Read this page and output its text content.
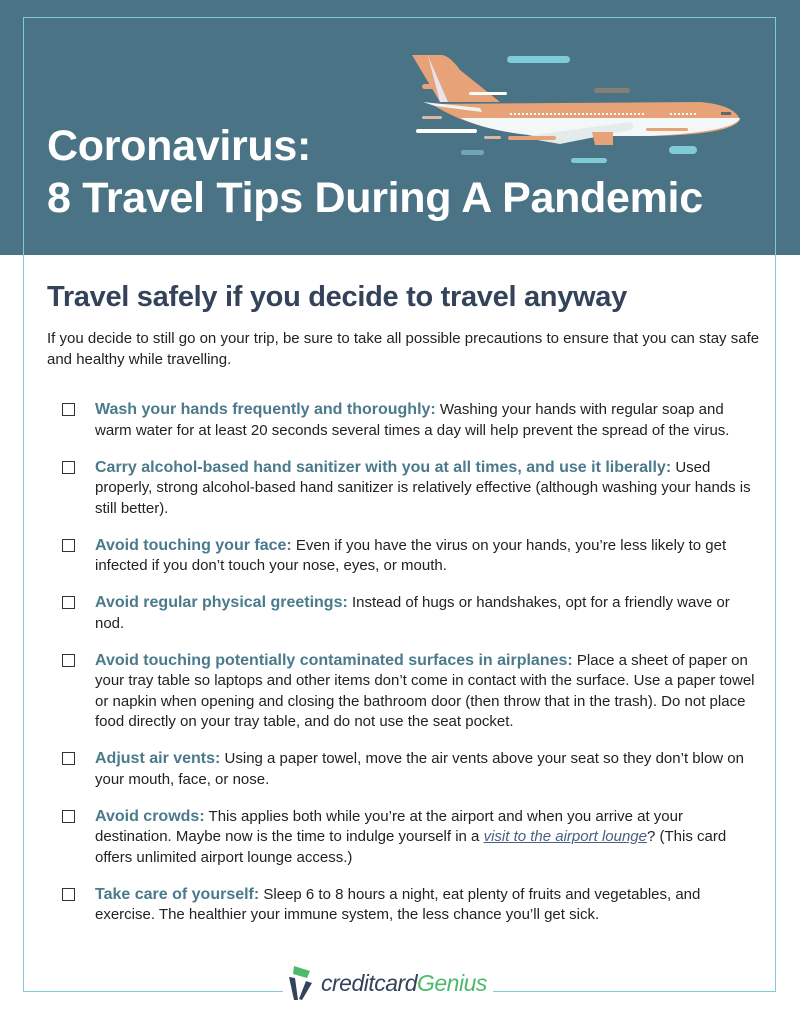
Coronavirus:
8 Travel Tips During A Pandemic
Travel safely if you decide to travel anyway
If you decide to still go on your trip, be sure to take all possible precautions to ensure that you can stay safe and healthy while travelling.
Wash your hands frequently and thoroughly: Washing your hands with regular soap and warm water for at least 20 seconds several times a day will help prevent the spread of the virus.
Carry alcohol-based hand sanitizer with you at all times, and use it liberally: Used properly, strong alcohol-based hand sanitizer is relatively effective (although washing your hands is still better).
Avoid touching your face: Even if you have the virus on your hands, you’re less likely to get infected if you don’t touch your nose, eyes, or mouth.
Avoid regular physical greetings: Instead of hugs or handshakes, opt for a friendly wave or nod.
Avoid touching potentially contaminated surfaces in airplanes: Place a sheet of paper on your tray table so laptops and other items don’t come in contact with the surface. Use a paper towel or napkin when opening and closing the bathroom door (then throw that in the trash). Do not place food directly on your tray table, and do not use the seat pocket.
Adjust air vents: Using a paper towel, move the air vents above your seat so they don’t blow on your mouth, face, or nose.
Avoid crowds: This applies both while you’re at the airport and when you arrive at your destination. Maybe now is the time to indulge yourself in a visit to the airport lounge? (This card offers unlimited airport lounge access.)
Take care of yourself: Sleep 6 to 8 hours a night, eat plenty of fruits and vegetables, and exercise. The healthier your immune system, the less chance you’ll get sick.
creditcardGenius
